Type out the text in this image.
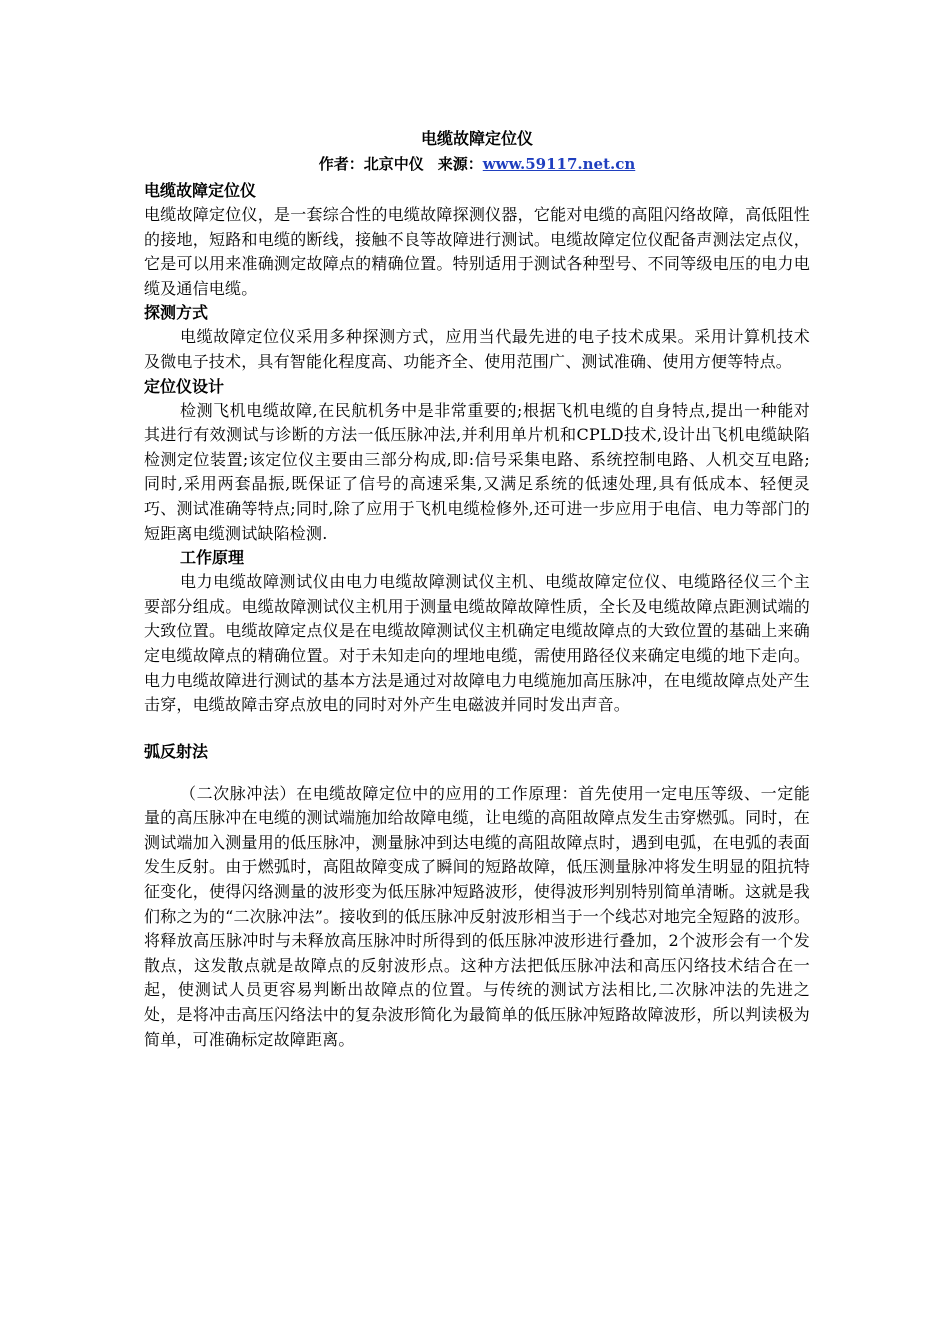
电缆故障定位仪
作者：北京中仪 来源：www.59117.net.cn
电缆故障定位仪

电缆故障定位仪，是一套综合性的电缆故障探测仪器，它能对电缆的高阻闪络故障，高低阻性的接地，短路和电缆的断线，接触不良等故障进行测试。电缆故障定位仪配备声测法定点仪，它是可以用来准确测定故障点的精确位置。特别适用于测试各种型号、不同等级电压的电力电缆及通信电缆。

探测方式

电缆故障定位仪采用多种探测方式，应用当代最先进的电子技术成果。采用计算机技术及微电子技术，具有智能化程度高、功能齐全、使用范围广、测试准确、使用方便等特点。

定位仪设计

检测飞机电缆故障,在民航机务中是非常重要的;根据飞机电缆的自身特点,提出一种能对其进行有效测试与诊断的方法一低压脉冲法,并利用单片机和CPLD技术,设计出飞机电缆缺陷检测定位装置;该定位仪主要由三部分构成,即:信号采集电路、系统控制电路、人机交互电路;同时,采用两套晶振,既保证了信号的高速采集,又满足系统的低速处理,具有低成本、轻便灵巧、测试准确等特点;同时,除了应用于飞机电缆检修外,还可进一步应用于电信、电力等部门的短距离电缆测试缺陷检测.

工作原理

电力电缆故障测试仪由电力电缆故障测试仪主机、电缆故障定位仪、电缆路径仪三个主要部分组成。电缆故障测试仪主机用于测量电缆故障故障性质，全长及电缆故障点距测试端的大致位置。电缆故障定点仪是在电缆故障测试仪主机确定电缆故障点的大致位置的基础上来确定电缆故障点的精确位置。对于未知走向的埋地电缆，需使用路径仪来确定电缆的地下走向。电力电缆故障进行测试的基本方法是通过对故障电力电缆施加高压脉冲，在电缆故障点处产生击穿，电缆故障击穿点放电的同时对外产生电磁波并同时发出声音。

弧反射法

（二次脉冲法）在电缆故障定位中的应用的工作原理：首先使用一定电压等级、一定能量的高压脉冲在电缆的测试端施加给故障电缆，让电缆的高阻故障点发生击穿燃弧。同时，在测试端加入测量用的低压脉冲，测量脉冲到达电缆的高阻故障点时，遇到电弧，在电弧的表面发生反射。由于燃弧时，高阻故障变成了瞬间的短路故障，低压测量脉冲将发生明显的阻抗特征变化，使得闪络测量的波形变为低压脉冲短路波形，使得波形判别特别简单清晰。这就是我们称之为的“二次脉冲法”。接收到的低压脉冲反射波形相当于一个线芯对地完全短路的波形。将释放高压脉冲时与未释放高压脉冲时所得到的低压脉冲波形进行叠加，2个波形会有一个发散点，这发散点就是故障点的反射波形点。这种方法把低压脉冲法和高压闪络技术结合在一起，使测试人员更容易判断出故障点的位置。与传统的测试方法相比,二次脉冲法的先进之处，是将冲击高压闪络法中的复杂波形简化为最简单的低压脉冲短路故障波形，所以判读极为简单，可准确标定故障距离。
